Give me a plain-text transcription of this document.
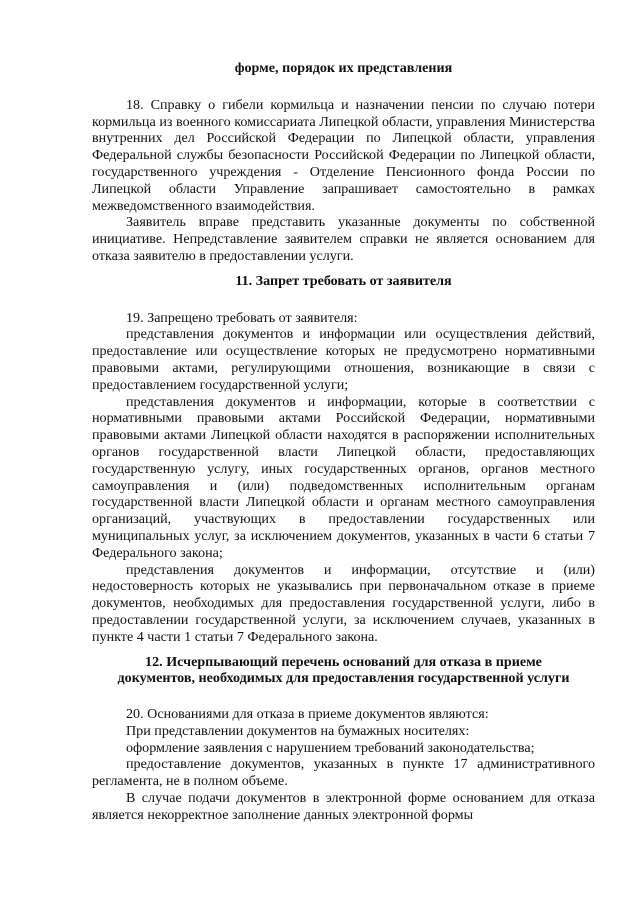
форме, порядок их представления

18. Справку о гибели кормильца и назначении пенсии по случаю потери кормильца из военного комиссариата Липецкой области, управления Министерства внутренних дел Российской Федерации по Липецкой области, управления Федеральной службы безопасности Российской Федерации по Липецкой области, государственного учреждения - Отделение Пенсионного фонда России по Липецкой области Управление запрашивает самостоятельно в рамках межведомственного взаимодействия.

Заявитель вправе представить указанные документы по собственной инициативе. Непредставление заявителем справки не является основанием для отказа заявителю в предоставлении услуги.

11. Запрет требовать от заявителя

19. Запрещено требовать от заявителя:

представления документов и информации или осуществления действий, предоставление или осуществление которых не предусмотрено нормативными правовыми актами, регулирующими отношения, возникающие в связи с предоставлением государственной услуги;

представления документов и информации, которые в соответствии с нормативными правовыми актами Российской Федерации, нормативными правовыми актами Липецкой области находятся в распоряжении исполнительных органов государственной власти Липецкой области, предоставляющих государственную услугу, иных государственных органов, органов местного самоуправления и (или) подведомственных исполнительным органам государственной власти Липецкой области и органам местного самоуправления организаций, участвующих в предоставлении государственных или муниципальных услуг, за исключением документов, указанных в части 6 статьи 7 Федерального закона;

представления документов и информации, отсутствие и (или) недостоверность которых не указывались при первоначальном отказе в приеме документов, необходимых для предоставления государственной услуги, либо в предоставлении государственной услуги, за исключением случаев, указанных в пункте 4 части 1 статьи 7 Федерального закона.

12. Исчерпывающий перечень оснований для отказа в приеме

документов, необходимых для предоставления государственной услуги

20. Основаниями для отказа в приеме документов являются:

При представлении документов на бумажных носителях:

оформление заявления с нарушением требований законодательства;

предоставление документов, указанных в пункте 17 административного регламента, не в полном объеме.

В случае подачи документов в электронной форме основанием для отказа является некорректное заполнение данных электронной формы
